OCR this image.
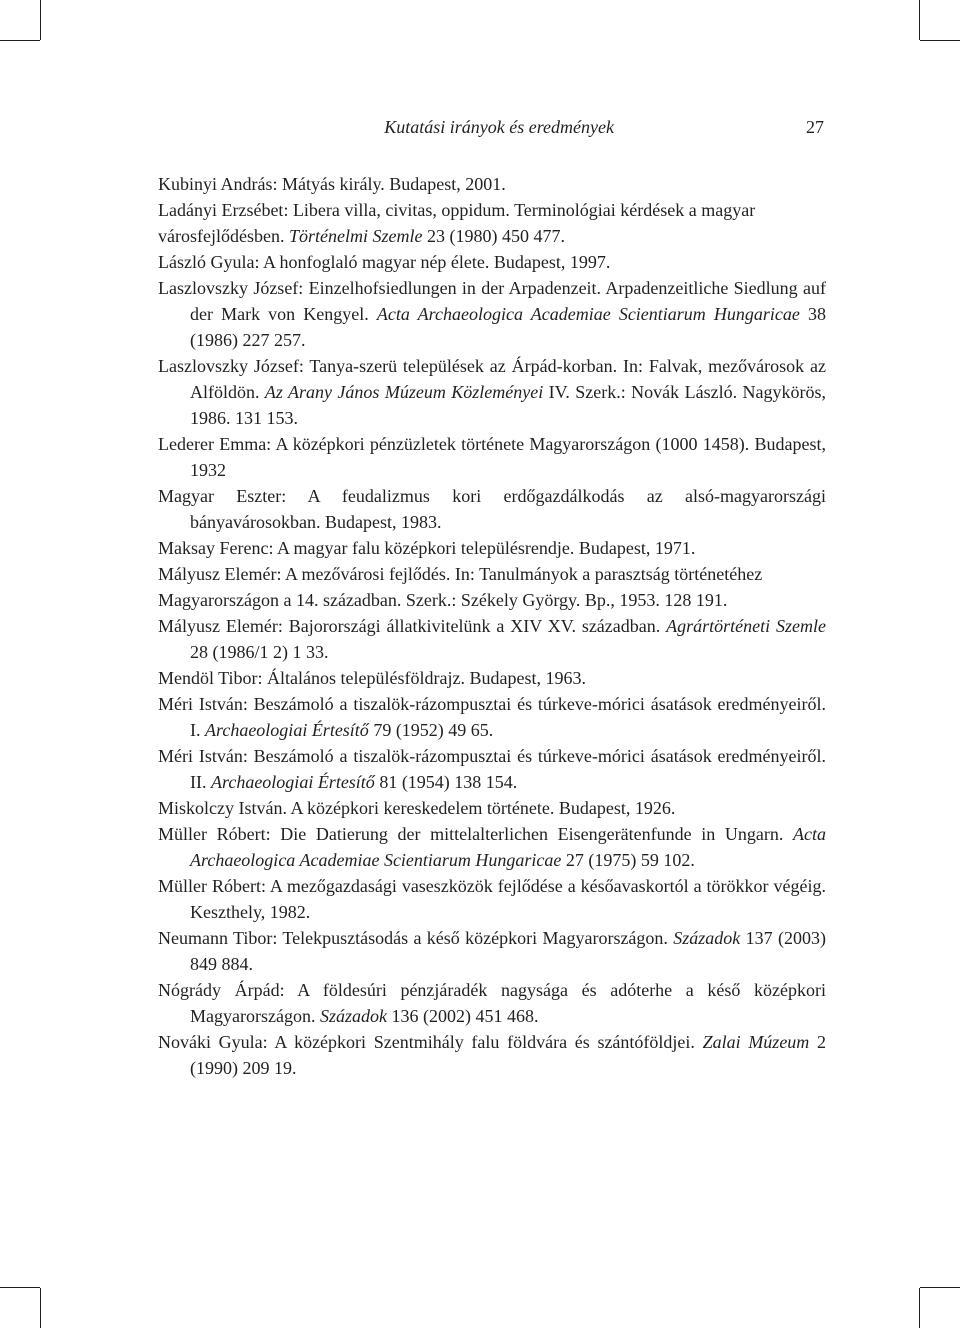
Kutatási irányok és eredmények	27
Kubinyi András: Mátyás király. Budapest, 2001.
Ladányi Erzsébet: Libera villa, civitas, oppidum. Terminológiai kérdések a magyar
városfejlődésben. Történelmi Szemle 23 (1980) 450 477.
László Gyula: A honfoglaló magyar nép élete. Budapest, 1997.
Laszlovszky József: Einzelhofsiedlungen in der Arpadenzeit. Arpadenzeitliche Siedlung auf der Mark von Kengyel. Acta Archaeologica Academiae Scientiarum Hungaricae 38 (1986) 227 257.
Laszlovszky József: Tanya-szerü települések az Árpád-korban. In: Falvak, mezővárosok az Alföldön. Az Arany János Múzeum Közleményei IV. Szerk.: Novák László. Nagykörös, 1986. 131 153.
Lederer Emma: A középkori pénzüzletek története Magyarországon (1000 1458). Budapest, 1932
Magyar Eszter: A feudalizmus kori erdőgazdálkodás az alsó-magyarországi bányavárosokban. Budapest, 1983.
Maksay Ferenc: A magyar falu középkori településrendje. Budapest, 1971.
Mályusz Elemér: A mezővárosi fejlődés. In: Tanulmányok a parasztság történetéhez
Magyarországon a 14. században. Szerk.: Székely György. Bp., 1953. 128 191.
Mályusz Elemér: Bajorországi állatkivitelünk a XIV XV. században. Agrártörténeti Szemle 28 (1986/1 2) 1 33.
Mendöl Tibor: Általános településföldrajz. Budapest, 1963.
Méri István: Beszámoló a tiszalök-rázompusztai és túrkeve-mórici ásatások eredményeiről. I. Archaeologiai Értesítő 79 (1952) 49 65.
Méri István: Beszámoló a tiszalök-rázompusztai és túrkeve-mórici ásatások eredményeiről. II. Archaeologiai Értesítő 81 (1954) 138 154.
Miskolczy István. A középkori kereskedelem története. Budapest, 1926.
Müller Róbert: Die Datierung der mittelalterlichen Eisengerätenfunde in Ungarn. Acta Archaeologica Academiae Scientiarum Hungaricae 27 (1975) 59 102.
Müller Róbert: A mezőgazdasági vaseszközök fejlődése a későavaskortól a törökkor végéig. Keszthely, 1982.
Neumann Tibor: Telekpusztásodás a késő középkori Magyarországon. Századok 137 (2003) 849 884.
Nógrády Árpád: A földesúri pénzjáradék nagysága és adóterhe a késő középkori Magyarországon. Századok 136 (2002) 451 468.
Nováki Gyula: A középkori Szentmihály falu földvára és szántóföldjei. Zalai Múzeum 2 (1990) 209 19.
